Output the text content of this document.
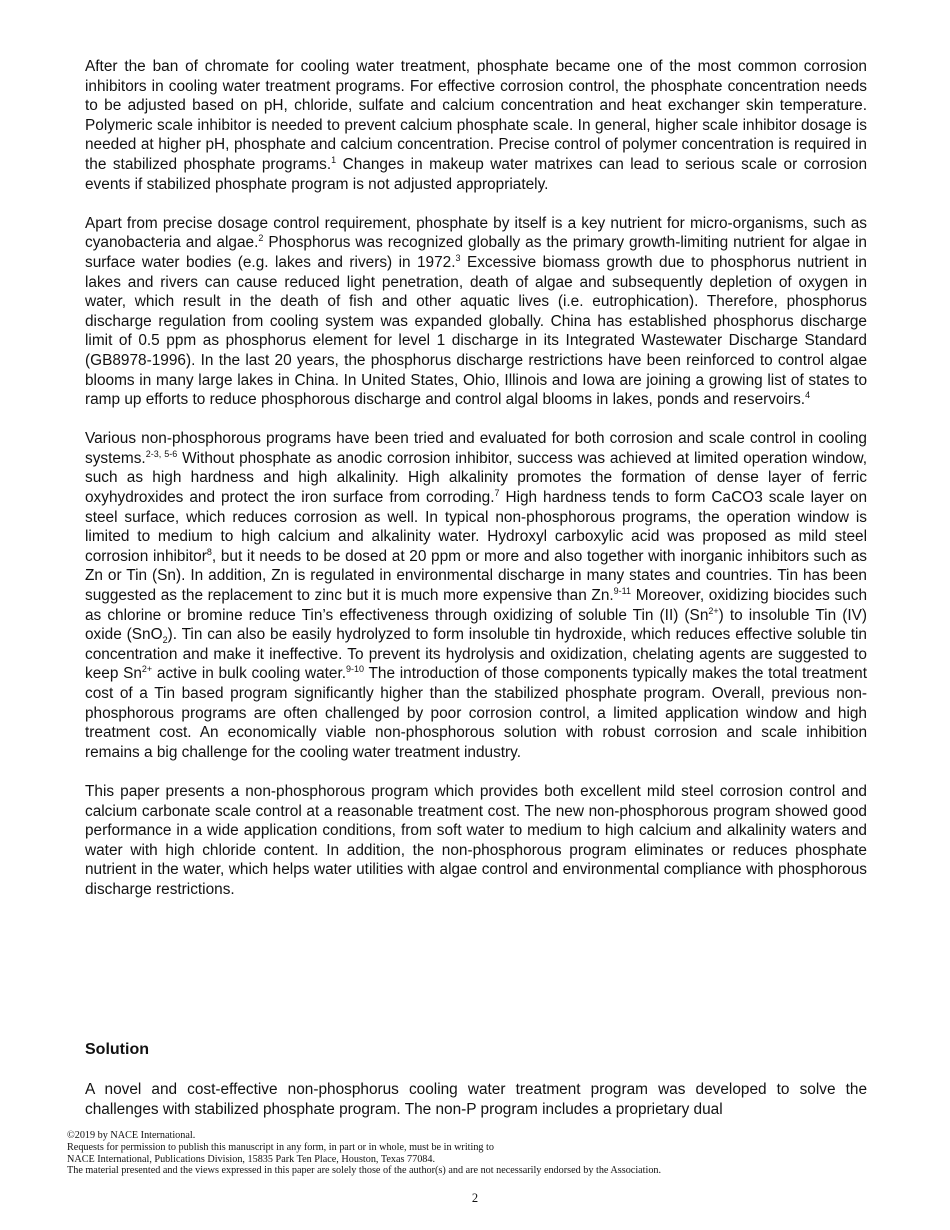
After the ban of chromate for cooling water treatment, phosphate became one of the most common corrosion inhibitors in cooling water treatment programs. For effective corrosion control, the phosphate concentration needs to be adjusted based on pH, chloride, sulfate and calcium concentration and heat exchanger skin temperature. Polymeric scale inhibitor is needed to prevent calcium phosphate scale. In general, higher scale inhibitor dosage is needed at higher pH, phosphate and calcium concentration. Precise control of polymer concentration is required in the stabilized phosphate programs.$^1$ Changes in makeup water matrixes can lead to serious scale or corrosion events if stabilized phosphate program is not adjusted appropriately.

Apart from precise dosage control requirement, phosphate by itself is a key nutrient for micro-organisms, such as cyanobacteria and algae.$^2$ Phosphorus was recognized globally as the primary growth-limiting nutrient for algae in surface water bodies (e.g. lakes and rivers) in 1972.$^3$ Excessive biomass growth due to phosphorus nutrient in lakes and rivers can cause reduced light penetration, death of algae and subsequently depletion of oxygen in water, which result in the death of fish and other aquatic lives (i.e. eutrophication). Therefore, phosphorus discharge regulation from cooling system was expanded globally. China has established phosphorus discharge limit of 0.5 ppm as phosphorus element for level 1 discharge in its Integrated Wastewater Discharge Standard (GB8978-1996). In the last 20 years, the phosphorus discharge restrictions have been reinforced to control algae blooms in many large lakes in China. In United States, Ohio, Illinois and Iowa are joining a growing list of states to ramp up efforts to reduce phosphorous discharge and control algal blooms in lakes, ponds and reservoirs.$^4$

Various non-phosphorous programs have been tried and evaluated for both corrosion and scale control in cooling systems.$^{2-3, 5-6}$ Without phosphate as anodic corrosion inhibitor, success was achieved at limited operation window, such as high hardness and high alkalinity. High alkalinity promotes the formation of dense layer of ferric oxyhydroxides and protect the iron surface from corroding.$^7$ High hardness tends to form CaCO3 scale layer on steel surface, which reduces corrosion as well. In typical non-phosphorous programs, the operation window is limited to medium to high calcium and alkalinity water. Hydroxyl carboxylic acid was proposed as mild steel corrosion inhibitor$^8$, but it needs to be dosed at 20 ppm or more and also together with inorganic inhibitors such as Zn or Tin (Sn). In addition, Zn is regulated in environmental discharge in many states and countries. Tin has been suggested as the replacement to zinc but it is much more expensive than Zn.$^{9-11}$ Moreover, oxidizing biocides such as chlorine or bromine reduce Tin’s effectiveness through oxidizing of soluble Tin (II) $(Sn^{2+})$ to insoluble Tin (IV) oxide (SnO$_2$). Tin can also be easily hydrolyzed to form insoluble tin hydroxide, which reduces effective soluble tin concentration and make it ineffective. To prevent its hydrolysis and oxidization, chelating agents are suggested to keep $Sn^{2+}$ active in bulk cooling water.$^{9-10}$ The introduction of those components typically makes the total treatment cost of a Tin based program significantly higher than the stabilized phosphate program. Overall, previous non-phosphorous programs are often challenged by poor corrosion control, a limited application window and high treatment cost. An economically viable non-phosphorous solution with robust corrosion and scale inhibition remains a big challenge for the cooling water treatment industry.

This paper presents a non-phosphorous program which provides both excellent mild steel corrosion control and calcium carbonate scale control at a reasonable treatment cost. The new non-phosphorous program showed good performance in a wide application conditions, from soft water to medium to high calcium and alkalinity waters and water with high chloride content. In addition, the non-phosphorous program eliminates or reduces phosphate nutrient in the water, which helps water utilities with algae control and environmental compliance with phosphorous discharge restrictions.

Solution

A novel and cost-effective non-phosphorus cooling water treatment program was developed to solve the challenges with stabilized phosphate program. The non-P program includes a proprietary dual

©2019 by NACE International.
Requests for permission to publish this manuscript in any form, in part or in whole, must be in writing to
NACE International, Publications Division, 15835 Park Ten Place, Houston, Texas 77084.
The material presented and the views expressed in this paper are solely those of the author(s) and are not necessarily endorsed by the Association.
2
